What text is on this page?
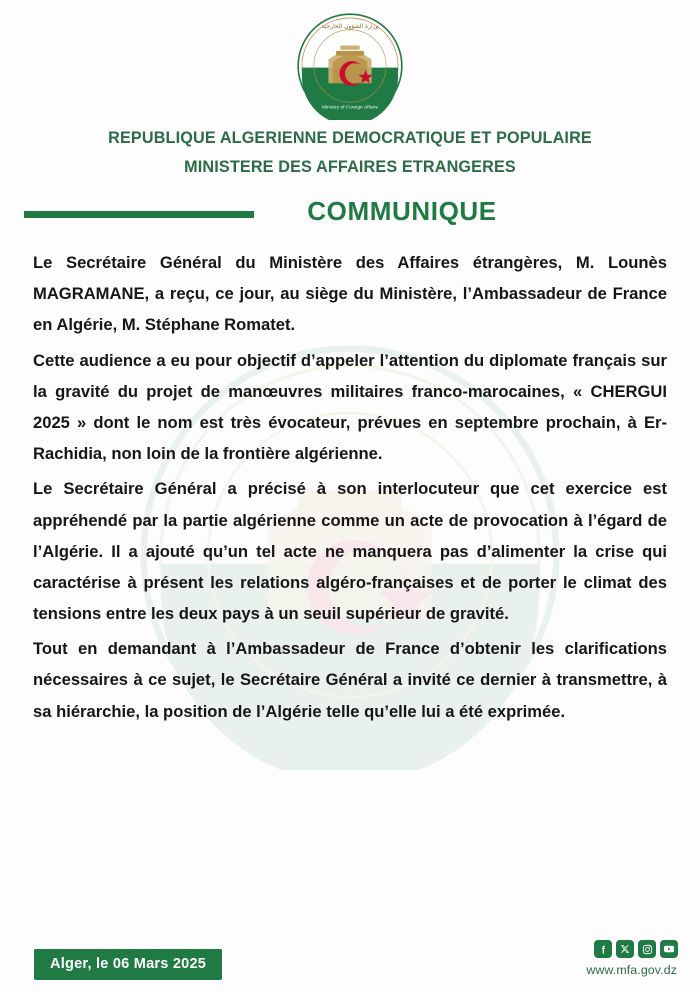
وزارة الشؤون الخارجية
Ministry of Foreign Affairs
REPUBLIQUE ALGERIENNE DEMOCRATIQUE ET POPULAIRE
MINISTERE DES AFFAIRES ETRANGERES
COMMUNIQUE

Le Secrétaire Général du Ministère des Affaires étrangères, M. Lounès MAGRAMANE, a reçu, ce jour, au siège du Ministère, l’Ambassadeur de France en Algérie, M. Stéphane Romatet.

Cette audience a eu pour objectif d’appeler l’attention du diplomate français sur la gravité du projet de manœuvres militaires franco-marocaines, « CHERGUI 2025 » dont le nom est très évocateur, prévues en septembre prochain, à Er-Rachidia, non loin de la frontière algérienne.

Le Secrétaire Général a précisé à son interlocuteur que cet exercice est appréhendé par la partie algérienne comme un acte de provocation à l’égard de l’Algérie. Il a ajouté qu’un tel acte ne manquera pas d’alimenter la crise qui caractérise à présent les relations algéro-françaises et de porter le climat des tensions entre les deux pays à un seuil supérieur de gravité.

Tout en demandant à l’Ambassadeur de France d’obtenir les clarifications nécessaires à ce sujet, le Secrétaire Général a invité ce dernier à transmettre, à sa hiérarchie, la position de l’Algérie telle qu’elle lui a été exprimée.

Alger, le 06 Mars 2025	www.mfa.gov.dz
